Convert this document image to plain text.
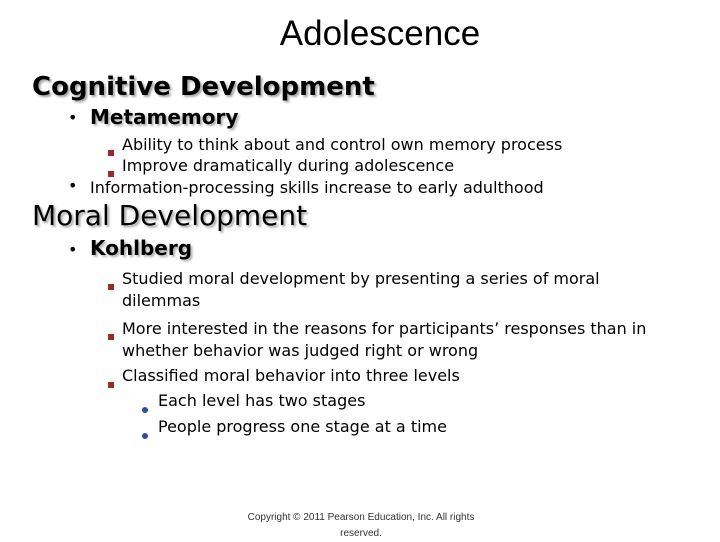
Adolescence
Cognitive Development
• Metamemory
Ability to think about and control own memory process
Improve dramatically during adolescence
• Information-processing skills increase to early adulthood
Moral Development
• Kohlberg
Studied moral development by presenting a series of moral dilemmas
More interested in the reasons for participants’ responses than in whether behavior was judged right or wrong
Classified moral behavior into three levels
Each level has two stages
People progress one stage at a time
Copyright © 2011 Pearson Education, Inc. All rights reserved.
